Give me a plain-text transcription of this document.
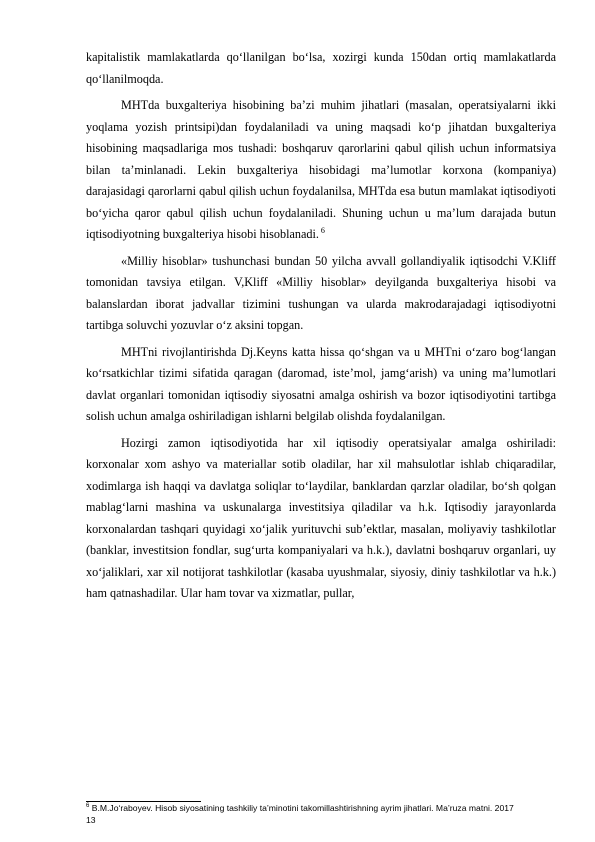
kapitalistik mamlakatlarda qo‘llanilgan bo‘lsa, xozirgi kunda 150dan ortiq mamlakatlarda qo‘llanilmoqda.

MHTda buxgalteriya hisobining ba’zi muhim jihatlari (masalan, operatsiyalarni ikki yoqlama yozish printsipi)dan foydalaniladi va uning maqsadi ko‘p jihatdan buxgalteriya hisobining maqsadlariga mos tushadi: boshqaruv qarorlarini qabul qilish uchun informatsiya bilan ta’minlanadi. Lekin buxgalteriya hisobidagi ma’lumotlar korxona (kompaniya) darajasidagi qarorlarni qabul qilish uchun foydalanilsa, MHTda esa butun mamlakat iqtisodiyoti bo‘yicha qaror qabul qilish uchun foydalaniladi. Shuning uchun u ma’lum darajada butun iqtisodiyotning buxgalteriya hisobi hisoblanadi. $^6$

«Milliy hisoblar» tushunchasi bundan 50 yilcha avvall gollandiyalik iqtisodchi V.Kliff tomonidan tavsiya etilgan. V,Kliff «Milliy hisoblar» deyilganda buxgalteriya hisobi va balanslardan iborat jadvallar tizimini tushungan va ularda makrodarajadagi iqtisodiyotni tartibga soluvchi yozuvlar o‘z aksini topgan.

MHTni rivojlantirishda Dj.Keyns katta hissa qo‘shgan va u MHTni o‘zaro bog‘langan ko‘rsatkichlar tizimi sifatida qaragan (daromad, iste’mol, jamg‘arish) va uning ma’lumotlari davlat organlari tomonidan iqtisodiy siyosatni amalga oshirish va bozor iqtisodiyotini tartibga solish uchun amalga oshiriladigan ishlarni belgilab olishda foydalanilgan.

Hozirgi zamon iqtisodiyotida har xil iqtisodiy operatsiyalar amalga oshiriladi: korxonalar xom ashyo va materiallar sotib oladilar, har xil mahsulotlar ishlab chiqaradilar, xodimlarga ish haqqi va davlatga soliqlar to‘laydilar, banklardan qarzlar oladilar, bo‘sh qolgan mablag‘larni mashina va uskunalarga investitsiya qiladilar va h.k. Iqtisodiy jarayonlarda korxonalardan tashqari quyidagi xo‘jalik yurituvchi sub’ektlar, masalan, moliyaviy tashkilotlar (banklar, investitsion fondlar, sug‘urta kompaniyalari va h.k.), davlatni boshqaruv organlari, uy xo‘jaliklari, xar xil notijorat tashkilotlar (kasaba uyushmalar, siyosiy, diniy tashkilotlar va h.k.) ham qatnashadilar. Ular ham tovar va xizmatlar, pullar,

$^6$ B.M.Jo‘raboyev. Hisob siyosatining tashkiliy ta’minotini takomillashtirishning ayrim jihatlari. Ma’ruza matni. 2017
13
